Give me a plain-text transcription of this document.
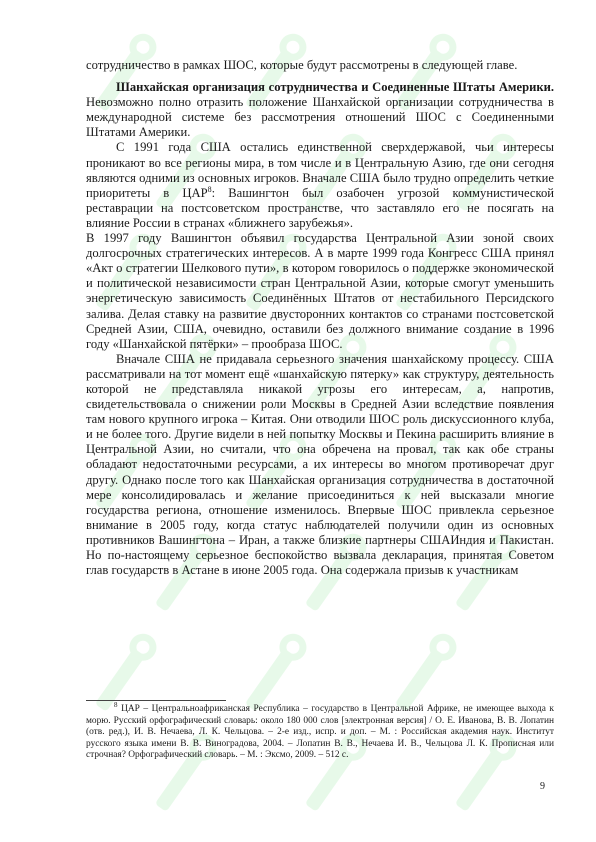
сотрудничество в рамках ШОС, которые будут рассмотрены в следующей главе.

Шанхайская организация сотрудничества и Соединенные Штаты Америки. Невозможно полно отразить положение Шанхайской организации сотрудничества в международной системе без рассмотрения отношений ШОС с Соединенными Штатами Америки.

С 1991 года США остались единственной сверхдержавой, чьи интересы проникают во все регионы мира, в том числе и в Центральную Азию, где они сегодня являются одними из основных игроков. Вначале США было трудно определить четкие приоритеты в ЦАР$^8$: Вашингтон был озабочен угрозой коммунистической реставрации на постсоветском пространстве, что заставляло его не посягать на влияние России в странах «ближнего зарубежья».

В 1997 году Вашингтон объявил государства Центральной Азии зоной своих долгосрочных стратегических интересов. А в марте 1999 года Конгресс США принял «Акт о стратегии Шелкового пути», в котором говорилось о поддержке экономической и политической независимости стран Центральной Азии, которые смогут уменьшить энергетическую зависимость Соединённых Штатов от нестабильного Персидского залива. Делая ставку на развитие двусторонних контактов со странами постсоветской Средней Азии, США, очевидно, оставили без должного внимание создание в 1996 году «Шанхайской пятёрки» – прообраза ШОС.

Вначале США не придавала серьезного значения шанхайскому процессу. США рассматривали на тот момент ещё «шанхайскую пятерку» как структуру, деятельность которой не представляла никакой угрозы его интересам, а, напротив, свидетельствовала о снижении роли Москвы в Средней Азии вследствие появления там нового крупного игрока – Китая. Они отводили ШОС роль дискуссионного клуба, и не более того. Другие видели в ней попытку Москвы и Пекина расширить влияние в Центральной Азии, но считали, что она обречена на провал, так как обе страны обладают недостаточными ресурсами, а их интересы во многом противоречат друг другу. Однако после того как Шанхайская организация сотрудничества в достаточной мере консолидировалась и желание присоединиться к ней высказали многие государства региона, отношение изменилось. Впервые ШОС привлекла серьезное внимание в 2005 году, когда статус наблюдателей получили один из основных противников Вашингтона – Иран, а также близкие партнеры СШАИндия и Пакистан. Но по-настоящему серьезное беспокойство вызвала декларация, принятая Советом глав государств в Астане в июне 2005 года. Она содержала призыв к участникам

$^8$ ЦАР – Центральноафриканская Республика – государство в Центральной Африке, не имеющее выхода к морю. Русский орфографический словарь: около 180 000 слов [электронная версия] / О. Е. Иванова, В. В. Лопатин (отв. ред.), И. В. Нечаева, Л. К. Чельцова. – 2-е изд., испр. и доп. – М. : Российская академия наук. Институт русского языка имени В. В. Виноградова, 2004. – Лопатин В. В., Нечаева И. В., Чельцова Л. К. Прописная или строчная? Орфографический словарь. – М. : Эксмо, 2009. – 512 с.
9
